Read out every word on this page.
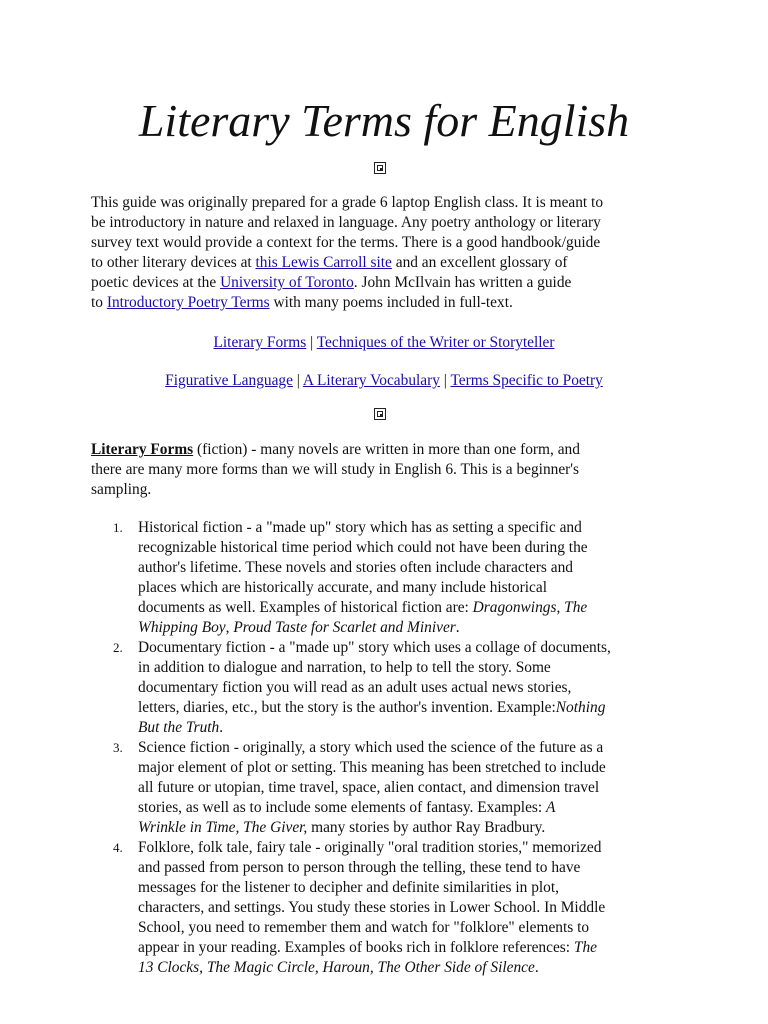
Literary Terms for English
This guide was originally prepared for a grade 6 laptop English class. It is meant to
be introductory in nature and relaxed in language. Any poetry anthology or literary
survey text would provide a context for the terms. There is a good handbook/guide
to other literary devices at this Lewis Carroll site and an excellent glossary of
poetic devices at the University of Toronto. John McIlvain has written a guide
to Introductory Poetry Terms with many poems included in full-text.
Literary Forms | Techniques of the Writer or Storyteller
Figurative Language | A Literary Vocabulary | Terms Specific to Poetry
Literary Forms (fiction) - many novels are written in more than one form, and
there are many more forms than we will study in English 6. This is a beginner's
sampling.
1. Historical fiction - a "made up" story which has as setting a specific and
recognizable historical time period which could not have been during the
author's lifetime. These novels and stories often include characters and
places which are historically accurate, and many include historical
documents as well. Examples of historical fiction are: Dragonwings, The
Whipping Boy, Proud Taste for Scarlet and Miniver.
2. Documentary fiction - a "made up" story which uses a collage of documents,
in addition to dialogue and narration, to help to tell the story. Some
documentary fiction you will read as an adult uses actual news stories,
letters, diaries, etc., but the story is the author's invention. Example:Nothing
But the Truth.
3. Science fiction - originally, a story which used the science of the future as a
major element of plot or setting. This meaning has been stretched to include
all future or utopian, time travel, space, alien contact, and dimension travel
stories, as well as to include some elements of fantasy. Examples: A
Wrinkle in Time, The Giver, many stories by author Ray Bradbury.
4. Folklore, folk tale, fairy tale - originally "oral tradition stories," memorized
and passed from person to person through the telling, these tend to have
messages for the listener to decipher and definite similarities in plot,
characters, and settings. You study these stories in Lower School. In Middle
School, you need to remember them and watch for "folklore" elements to
appear in your reading. Examples of books rich in folklore references: The
13 Clocks, The Magic Circle, Haroun, The Other Side of Silence.
